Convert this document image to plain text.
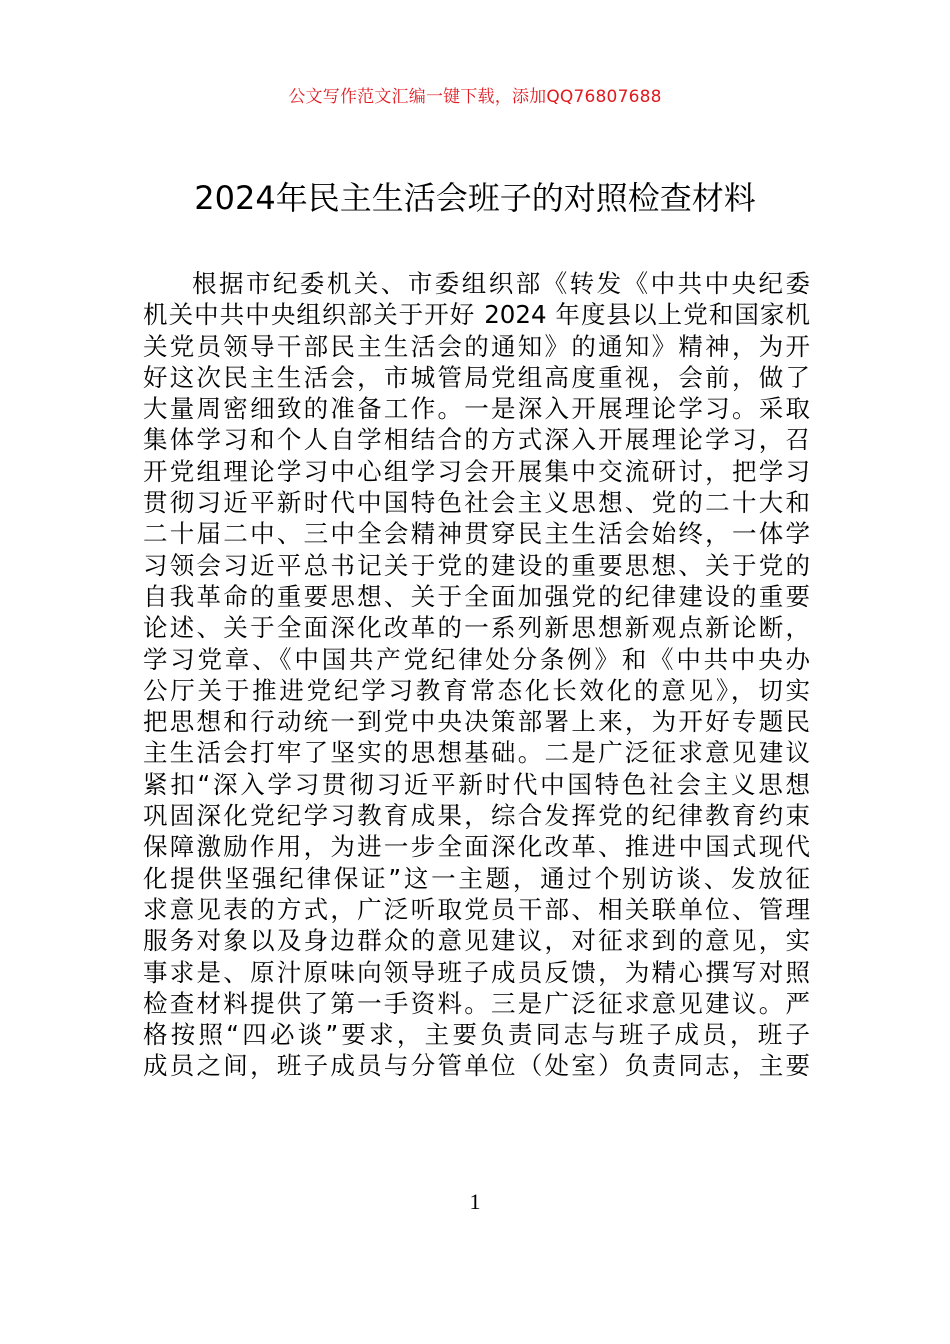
公文写作范文汇编一键下载，添加QQ76807688
2024年民主生活会班子的对照检查材料
根据市纪委机关、市委组织部《转发《中共中央纪委
机关中共中央组织部关于开好 2024 年度县以上党和国家机
关党员领导干部民主生活会的通知》的通知》精神，为开
好这次民主生活会，市城管局党组高度重视，会前，做了
大量周密细致的准备工作。一是深入开展理论学习。采取
集体学习和个人自学相结合的方式深入开展理论学习，召
开党组理论学习中心组学习会开展集中交流研讨，把学习
贯彻习近平新时代中国特色社会主义思想、党的二十大和
二十届二中、三中全会精神贯穿民主生活会始终，一体学
习领会习近平总书记关于党的建设的重要思想、关于党的
自我革命的重要思想、关于全面加强党的纪律建设的重要
论述、关于全面深化改革的一系列新思想新观点新论断，
学习党章、《中国共产党纪律处分条例》和《中共中央办
公厅关于推进党纪学习教育常态化长效化的意见》，切实
把思想和行动统一到党中央决策部署上来，为开好专题民
主生活会打牢了坚实的思想基础。二是广泛征求意见建议
紧扣“深入学习贯彻习近平新时代中国特色社会主义思想
巩固深化党纪学习教育成果，综合发挥党的纪律教育约束
保障激励作用，为进一步全面深化改革、推进中国式现代
化提供坚强纪律保证”这一主题，通过个别访谈、发放征
求意见表的方式，广泛听取党员干部、相关联单位、管理
服务对象以及身边群众的意见建议，对征求到的意见，实
事求是、原汁原味向领导班子成员反馈，为精心撰写对照
检查材料提供了第一手资料。三是广泛征求意见建议。严
格按照“四必谈”要求，主要负责同志与班子成员，班子
成员之间，班子成员与分管单位（处室）负责同志，主要
1
